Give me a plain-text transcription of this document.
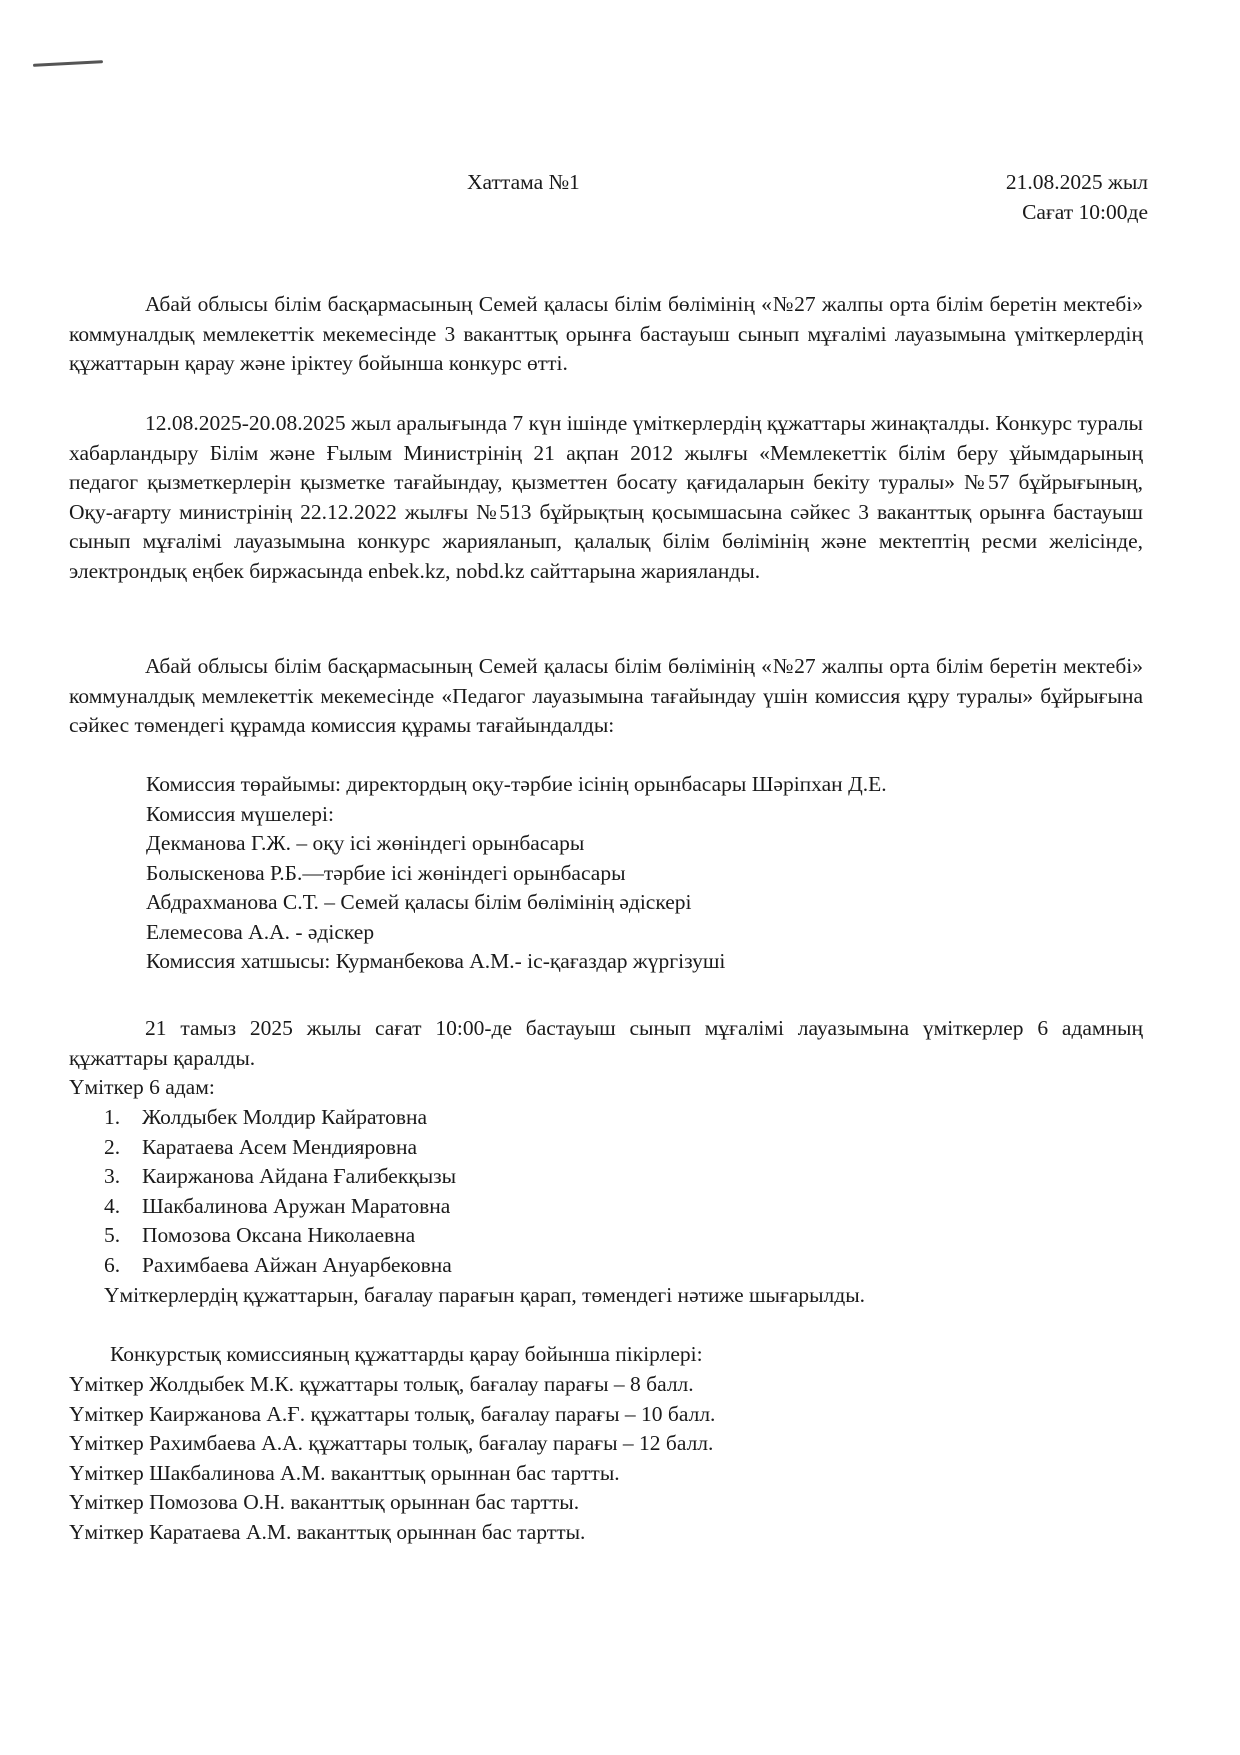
Хаттама №1	21.08.2025 жыл
Сағат 10:00де

Абай облысы білім басқармасының Семей қаласы білім бөлімінің «№27 жалпы орта білім беретін мектебі» коммуналдық мемлекеттік мекемесінде 3 ваканттық орынға бастауыш сынып мұғалімі лауазымына үміткерлердің құжаттарын қарау және іріктеу бойынша конкурс өтті.

12.08.2025-20.08.2025 жыл аралығында 7 күн ішінде үміткерлердің құжаттары жинақталды. Конкурс туралы хабарландыру Білім және Ғылым Министрінің 21 ақпан 2012 жылғы «Мемлекеттік білім беру ұйымдарының педагог қызметкерлерін қызметке тағайындау, қызметтен босату қағидаларын бекіту туралы» №57 бұйрығының, Оқу-ағарту министрінің 22.12.2022 жылғы №513 бұйрықтың қосымшасына сәйкес 3 ваканттық орынға бастауыш сынып мұғалімі лауазымына конкурс жарияланып, қалалық білім бөлімінің және мектептің ресми желісінде, электрондық еңбек биржасында enbek.kz, nobd.kz сайттарына жарияланды.

Абай облысы білім басқармасының Семей қаласы білім бөлімінің «№27 жалпы орта білім беретін мектебі» коммуналдық мемлекеттік мекемесінде «Педагог лауазымына тағайындау үшін комиссия құру туралы» бұйрығына сәйкес төмендегі құрамда комиссия құрамы тағайындалды:

Комиссия төрайымы: директордың оқу-тәрбие ісінің орынбасары Шәріпхан Д.Е.
Комиссия мүшелері:
Декманова Г.Ж. – оқу ісі жөніндегі орынбасары
Болыскенова Р.Б.—тәрбие ісі жөніндегі орынбасары
Абдрахманова С.Т. – Семей қаласы білім бөлімінің әдіскері
Елемесова А.А. - әдіскер
Комиссия хатшысы: Курманбекова А.М.- іс-қағаздар жүргізуші

21 тамыз 2025 жылы сағат 10:00-де бастауыш сынып мұғалімі лауазымына үміткерлер 6 адамның құжаттары қаралды.

Үміткер 6 адам:
1. Жолдыбек Молдир Кайратовна
2. Каратаева Асем Мендияровна
3. Каиржанова Айдана Ғалибекқызы
4. Шакбалинова Аружан Маратовна
5. Помозова Оксана Николаевна
6. Рахимбаева Айжан Ануарбековна
Үміткерлердің құжаттарын, бағалау парағын қарап, төмендегі нәтиже шығарылды.
Конкурстық комиссияның құжаттарды қарау бойынша пікірлері:
Үміткер Жолдыбек М.К. құжаттары толық, бағалау парағы – 8 балл.
Үміткер Каиржанова А.Ғ. құжаттары толық, бағалау парағы – 10 балл.
Үміткер Рахимбаева А.А. құжаттары толық, бағалау парағы – 12 балл.
Үміткер Шакбалинова А.М. ваканттық орыннан бас тартты.
Үміткер Помозова О.Н. ваканттық орыннан бас тартты.
Үміткер Каратаева А.М. ваканттық орыннан бас тартты.
